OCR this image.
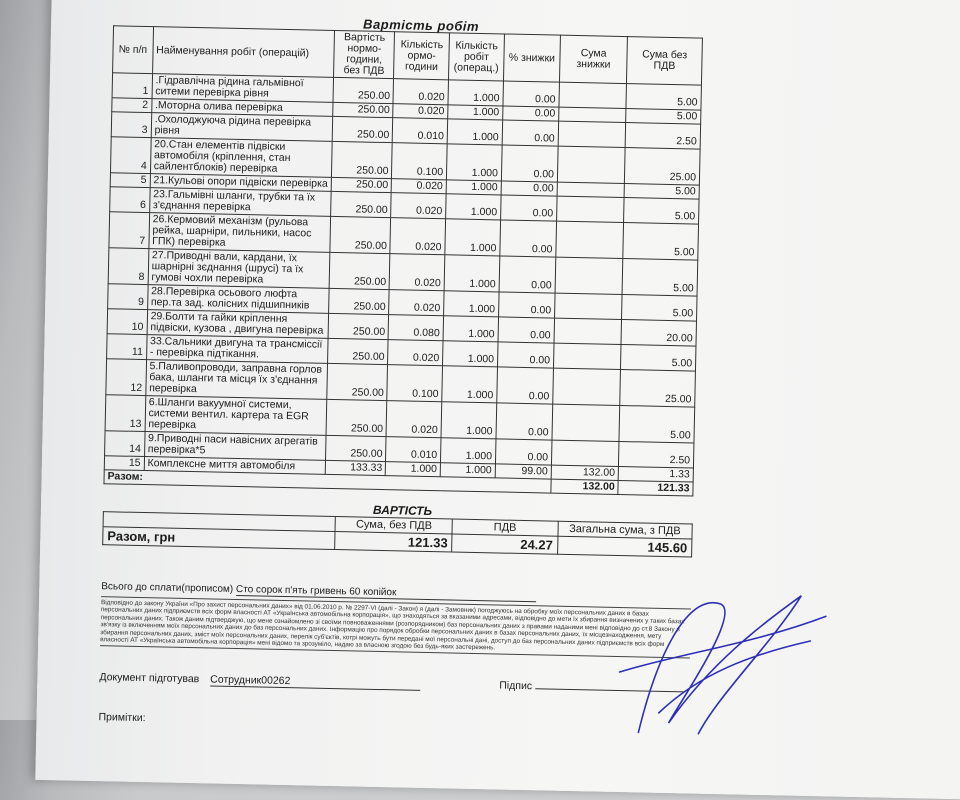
Вартість робіт
№ п/п	Найменування робіт (операцій)	Вартість нормо-години, без ПДВ	Кількість ормо-години	Кількість робіт (операц.)	% знижки	Сума знижки	Сума без ПДВ
1	.Гідравлічна рідина гальмівної ситеми перевірка рівня	250.00	0.020	1.000	0.00		5.00
2	.Моторна олива перевірка	250.00	0.020	1.000	0.00		5.00
3	.Охолоджуюча рідина перевірка рівня	250.00	0.010	1.000	0.00		2.50
4	20.Стан елементів підвіски автомобіля (кріплення, стан сайлентблоків) перевірка	250.00	0.100	1.000	0.00		25.00
5	21.Кульові опори підвіски перевірка	250.00	0.020	1.000	0.00		5.00
6	23.Гальмівні шланги, трубки та їх з'єднання перевірка	250.00	0.020	1.000	0.00		5.00
7	26.Кермовий механізм (рульова рейка, шарніри, пильники, насос ГПК) перевірка	250.00	0.020	1.000	0.00		5.00
8	27.Приводні вали, кардани, їх шарнірні зєднання (шрусі) та їх гумові чохли перевірка	250.00	0.020	1.000	0.00		5.00
9	28.Перевірка осьового люфта пер.та зад. колісних підшипників	250.00	0.020	1.000	0.00		5.00
10	29.Болти та гайки кріплення підвіски, кузова , двигуна перевірка	250.00	0.080	1.000	0.00		20.00
11	33.Сальники двигуна та трансміссії - перевірка підтікання.	250.00	0.020	1.000	0.00		5.00
12	5.Паливопроводи, заправна горлов бака, шланги та місця їх з'єднання перевірка	250.00	0.100	1.000	0.00		25.00
13	6.Шланги вакуумної системи, системи вентил. картера та EGR перевірка	250.00	0.020	1.000	0.00		5.00
14	9.Приводні паси навісних агрегатів перевірка*5	250.00	0.010	1.000	0.00		2.50
15	Комплексне миття автомобіля	133.33	1.000	1.000	99.00	132.00	1.33
Разом:						132.00	121.33
ВАРТІСТЬ
	Сума, без ПДВ	ПДВ	Загальна сума, з ПДВ
Разом, грн	121.33	24.27	145.60
Всього до сплати(прописом) Сто сорок п'ять гривень 60 копійок
Відповідно до закону України «Про захист персональних даних» від 01.06.2010 р. № 2297-VI (далі - Закон) я (далі - Замовник) погоджуюсь на обробку моїх персональних даних в базах персональних даних підприємств всіх форм власності АТ «Українська автомобільна корпорація», що знаходяться за вказаними адресами, відповідно до мети їх збирання визначених у таких базах персональних даних. Також даним підтверджую, що мене ознайомлено зі своїми повноваженнями (розпорядником) баз персональних даних з правами наданими мені відповідно до ст.8 Закону в зв'язку із включенням моїх персональних даних до баз персональних даних. Інформацію про порядок обробки персональних даних в базах персональних даних, їх місцезнаходження, мету збирання персональних даних, зміст моїх персональних даних, перелік суб'єктів, котрі можуть бути передані мої персональні дані, доступ до баз персональних даних підприємств всіх форм власності АТ «Українська автомобільна корпорація» мені відомо та зрозуміло, надаю за власною згодою без будь-яких застережень.
Документ підготував Сотрудник00262	Підпис
Примітки:
